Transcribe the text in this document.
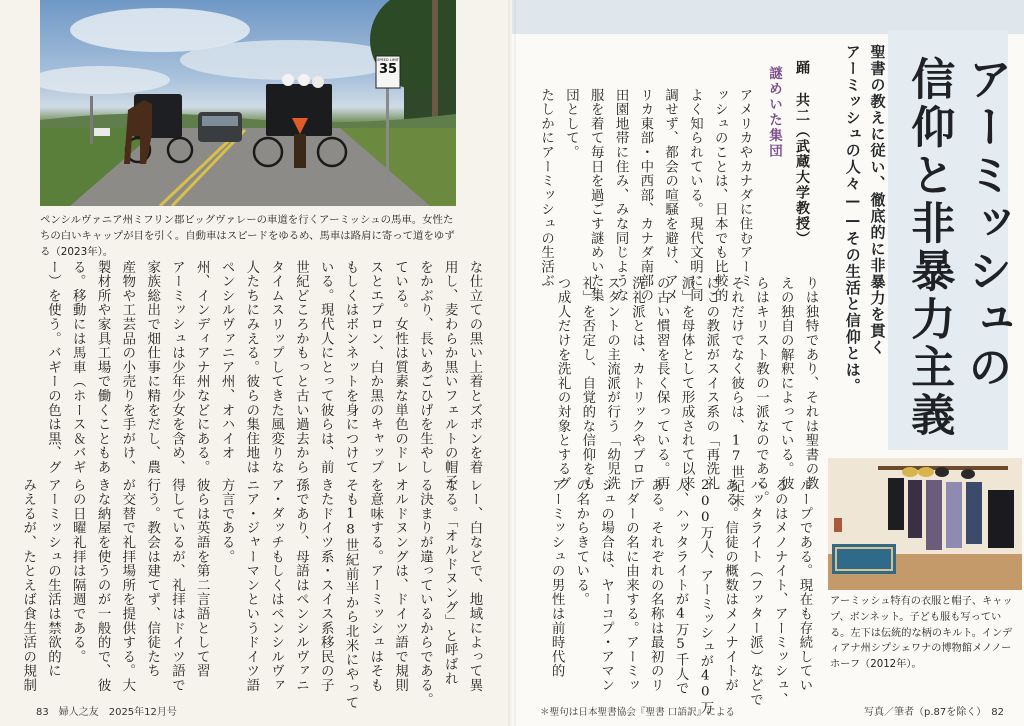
アーミッシュの
信仰と非暴力主義
聖書の教えに従い、徹底的に非暴力を貫く
アーミッシュの人々——その生活と信仰とは。
踊 共二（武蔵大学教授）
謎めいた集団
アメリカやカナダに住むアーミ
ッシュのことは、日本でも比較的
よく知られている。現代文明に同
調せず、都会の喧騒を避け、アメ
リカ東部・中西部、カナダ南部の
田園地帯に住み、みな同じような
服を着て毎日を過ごす謎めいた集
団として。
たしかにアーミッシュの生活ぶ
りは独特であり、それは聖書の教
えの独自の解釈によっている。彼
らはキリスト教の一派なのである。
それだけでなく彼らは、17世紀末
にこの教派がスイス系の「再洗礼
派」を母体として形成されて以来
の古い慣習を長く保っている。再
洗礼派とは、カトリックやプロテ
スタントの主流派が行う「幼児洗
礼」を否定し、自覚的な信仰をも
つ成人だけを洗礼の対象とするグ
ループである。現在も存続してい
るのはメノナイト、アーミッシュ、
ハッタライト（フッター派）などで
ある。信徒の概数はメノナイトが
200万人、アーミッシュが40万
人、ハッタライトが4万5千人で
ある。それぞれの名称は最初のリ
ーダーの名に由来する。アーミッ
シュの場合は、ヤーコプ・アマン
の名からきている。
アーミッシュの男性は前時代的
な仕立ての黒い上着とズボンを着
用し、麦わらか黒いフェルトの帽子
をかぶり、長いあごひげを生やし
ている。女性は質素な単色のドレ
スとエプロン、白か黒のキャップ
もしくはボンネットを身につけて
いる。現代人にとって彼らは、前
世紀どころかもっと古い過去から
タイムスリップしてきた風変りな
人たちにみえる。彼らの集住地は
ペンシルヴァニア州、オハイオ
州、インディアナ州などにある。
アーミッシュは少年少女を含め、
家族総出で畑仕事に精をだし、農
産物や工芸品の小売りを手がけ、
製材所や家具工場で働くこともあ
る。移動には馬車（ホース＆バギ
ー）を使う。バギーの色は黒、グ
レー、白などで、地域によって異
なる。「オルドヌング」と呼ばれ
る決まりが違っているからである。
オルドヌングは、ドイツ語で規則
を意味する。アーミッシュはそも
そも18世紀前半から北米にやって
きたドイツ系・スイス系移民の子
孫であり、母語はペンシルヴァニ
ア・ダッチもしくはペンシルヴァ
ニア・ジャーマンというドイツ語
方言である。
彼らは英語を第二言語として習
得しているが、礼拝はドイツ語で
行う。教会は建てず、信徒たち
が交替で礼拝場所を提供する。大
きな納屋を使うのが一般的で、彼
らの日曜礼拝は隔週である。
アーミッシュの生活は禁欲的に
みえるが、たとえば食生活の規制
SPEED LIMIT
35
ペンシルヴァニア州ミフリン郡ビッグヴァレーの車道を行くアーミッシュの馬車。女性たちの白いキャップが目を引く。自動車はスピードをゆるめ、馬車は路肩に寄って道をゆずる（2023年）。
アーミッシュ特有の衣服と帽子、キャップ、ボンネット。子ども服も写っている。左下は伝統的な柄のキルト。インディアナ州シプシェワナの博物館メノノーホーフ（2012年）。
83　婦人之友　2025年12月号	＊聖句は日本聖書協会『聖書 口語訳』による	写真／筆者（p.87を除く）　82
